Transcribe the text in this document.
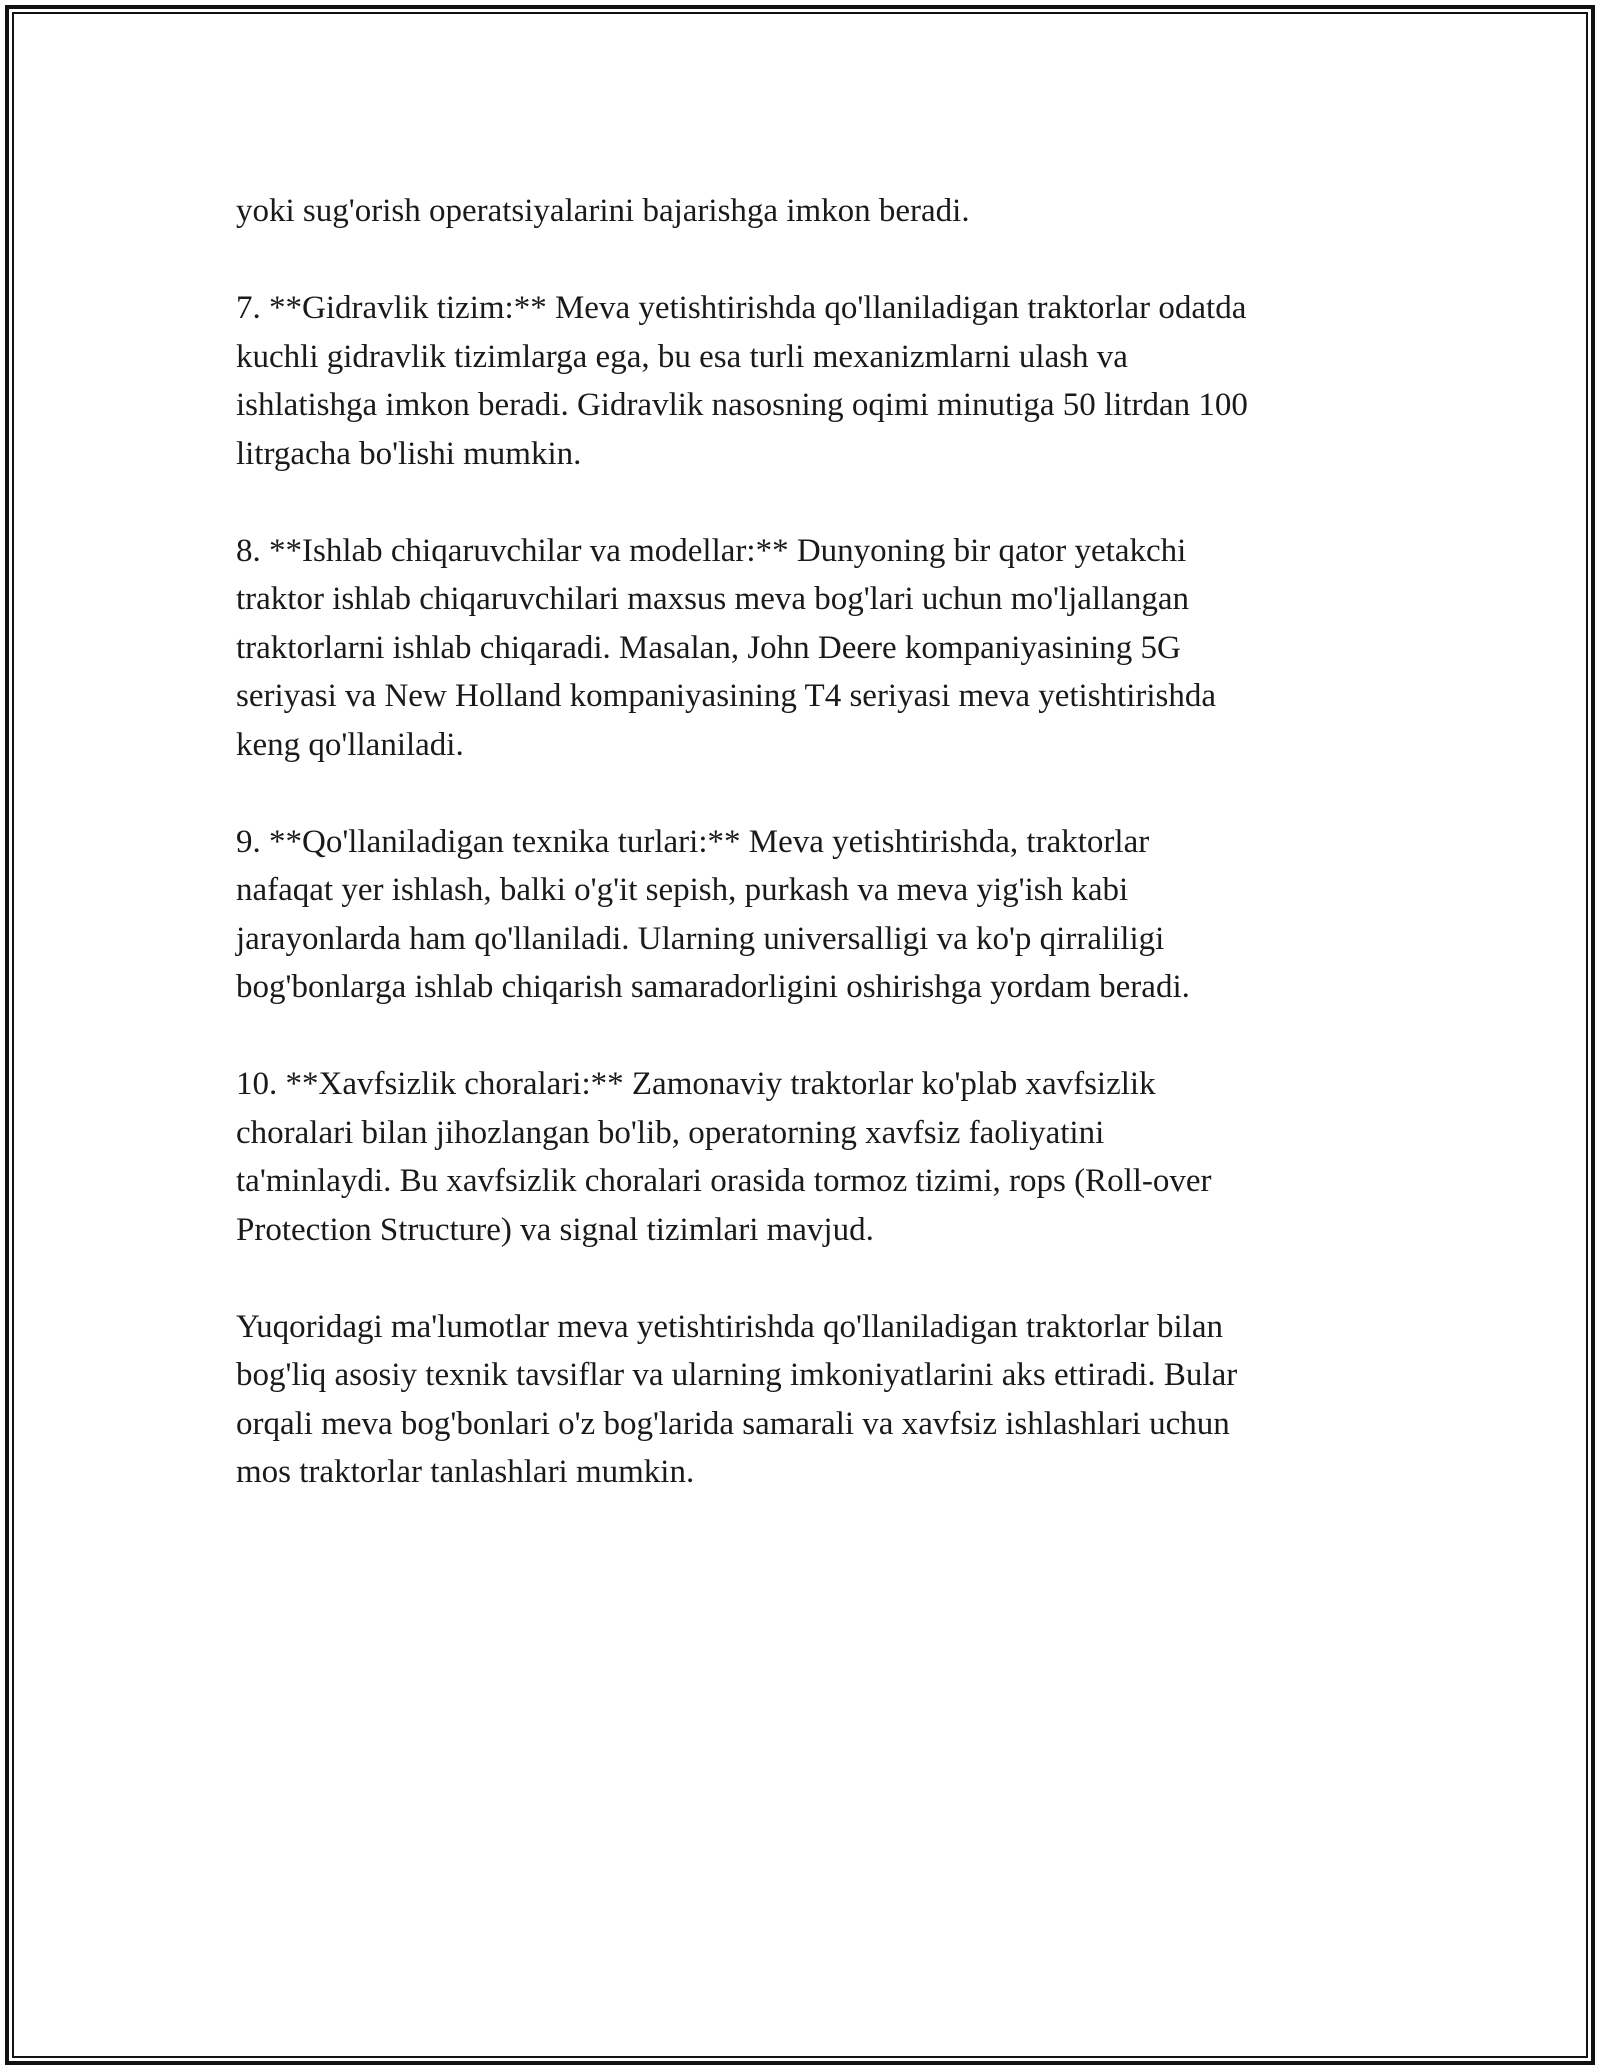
yoki sug'orish operatsiyalarini bajarishga imkon beradi.

7. **Gidravlik tizim:** Meva yetishtirishda qo'llaniladigan traktorlar odatda
kuchli gidravlik tizimlarga ega, bu esa turli mexanizmlarni ulash va
ishlatishga imkon beradi. Gidravlik nasosning oqimi minutiga 50 litrdan 100
litrgacha bo'lishi mumkin.

8. **Ishlab chiqaruvchilar va modellar:** Dunyoning bir qator yetakchi
traktor ishlab chiqaruvchilari maxsus meva bog'lari uchun mo'ljallangan
traktorlarni ishlab chiqaradi. Masalan, John Deere kompaniyasining 5G
seriyasi va New Holland kompaniyasining T4 seriyasi meva yetishtirishda
keng qo'llaniladi.

9. **Qo'llaniladigan texnika turlari:** Meva yetishtirishda, traktorlar
nafaqat yer ishlash, balki o'g'it sepish, purkash va meva yig'ish kabi
jarayonlarda ham qo'llaniladi. Ularning universalligi va ko'p qirraliligi
bog'bonlarga ishlab chiqarish samaradorligini oshirishga yordam beradi.

10. **Xavfsizlik choralari:** Zamonaviy traktorlar ko'plab xavfsizlik
choralari bilan jihozlangan bo'lib, operatorning xavfsiz faoliyatini
ta'minlaydi. Bu xavfsizlik choralari orasida tormoz tizimi, rops (Roll-over
Protection Structure) va signal tizimlari mavjud.

Yuqoridagi ma'lumotlar meva yetishtirishda qo'llaniladigan traktorlar bilan
bog'liq asosiy texnik tavsiflar va ularning imkoniyatlarini aks ettiradi. Bular
orqali meva bog'bonlari o'z bog'larida samarali va xavfsiz ishlashlari uchun
mos traktorlar tanlashlari mumkin.
